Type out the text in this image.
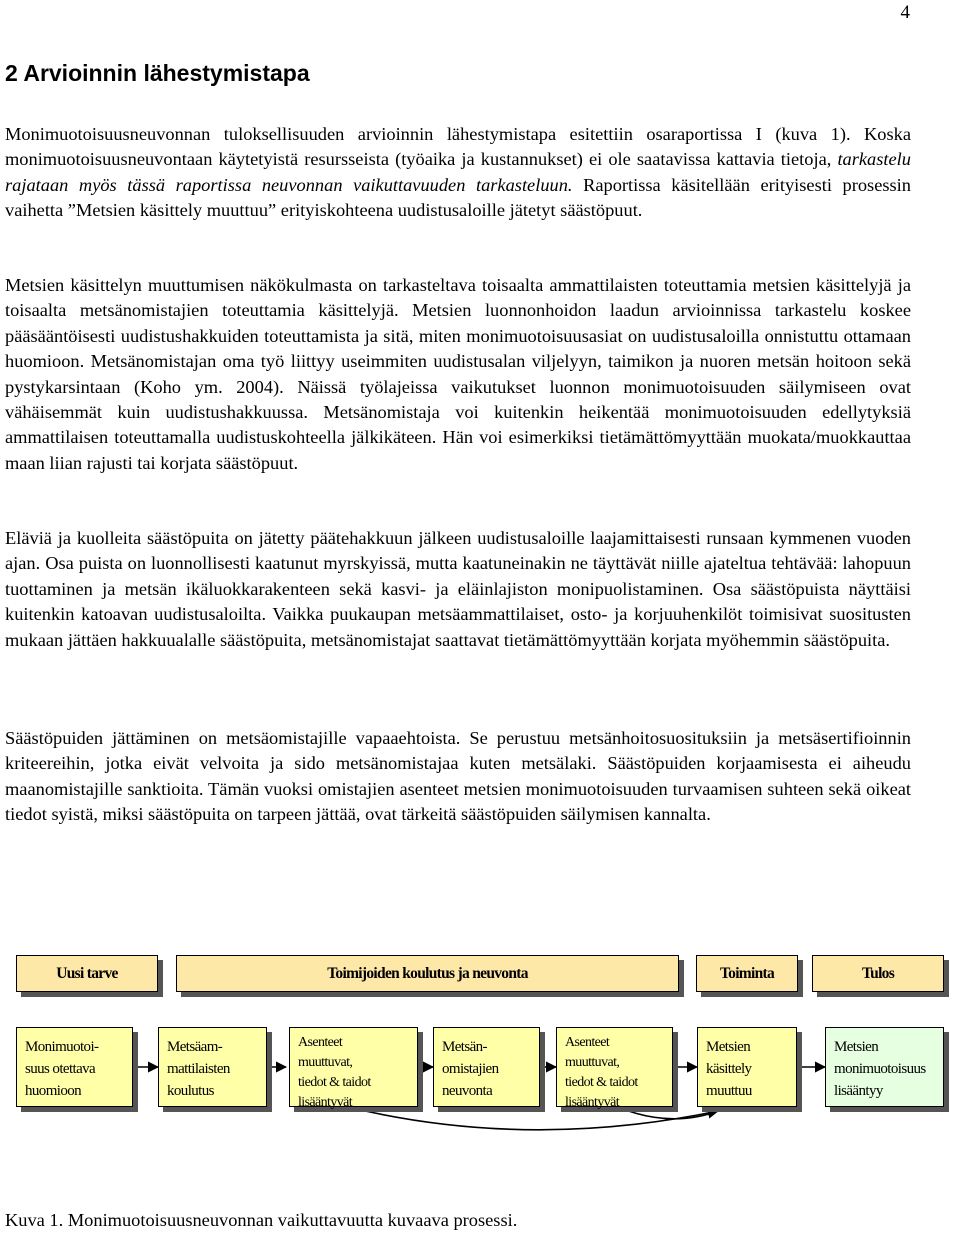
4
2 Arvioinnin lähestymistapa
Monimuotoisuusneuvonnan tuloksellisuuden arvioinnin lähestymistapa esitettiin osaraportissa I (kuva 1). Koska monimuotoisuusneuvontaan käytetyistä resursseista (työaika ja kustannukset) ei ole saatavissa kattavia tietoja, tarkastelu rajataan myös tässä raportissa neuvonnan vaikuttavuuden tarkasteluun. Raportissa käsitellään erityisesti prosessin vaihetta ”Metsien käsittely muuttuu” erityiskohteena uudistusaloille jätetyt säästöpuut.
Metsien käsittelyn muuttumisen näkökulmasta on tarkasteltava toisaalta ammattilaisten toteuttamia metsien käsittelyjä ja toisaalta metsänomistajien toteuttamia käsittelyjä. Metsien luonnonhoidon laadun arvioinnissa tarkastelu koskee pääsääntöisesti uudistushakkuiden toteuttamista ja sitä, miten monimuotoisuusasiat on uudistusaloilla onnistuttu ottamaan huomioon. Metsänomistajan oma työ liittyy useimmiten uudistusalan viljelyyn, taimikon ja nuoren metsän hoitoon sekä pystykarsintaan (Koho ym. 2004). Näissä työlajeissa vaikutukset luonnon monimuotoisuuden säilymiseen ovat vähäisemmät kuin uudistushakkuussa. Metsänomistaja voi kuitenkin heikentää monimuotoisuuden edellytyksiä ammattilaisen toteuttamalla uudistuskohteella jälkikäteen. Hän voi esimerkiksi tietämättömyyttään muokata/muokkauttaa maan liian rajusti tai korjata säästöpuut.
Eläviä ja kuolleita säästöpuita on jätetty päätehakkuun jälkeen uudistusaloille laajamittaisesti runsaan kymmenen vuoden ajan. Osa puista on luonnollisesti kaatunut myrskyissä, mutta kaatuneinakin ne täyttävät niille ajateltua tehtävää: lahopuun tuottaminen ja metsän ikäluokkarakenteen sekä kasvi- ja eläinlajiston monipuolistaminen. Osa säästöpuista näyttäisi kuitenkin katoavan uudistusaloilta. Vaikka puukaupan metsäammattilaiset, osto- ja korjuuhenkilöt toimisivat suositusten mukaan jättäen hakkuualalle säästöpuita, metsänomistajat saattavat tietämättömyyttään korjata myöhemmin säästöpuita.
Säästöpuiden jättäminen on metsäomistajille vapaaehtoista. Se perustuu metsänhoitosuosituksiin ja metsäsertifioinnin kriteereihin, jotka eivät velvoita ja sido metsänomistajaa kuten metsälaki. Säästöpuiden korjaamisesta ei aiheudu maanomistajille sanktioita. Tämän vuoksi omistajien asenteet metsien monimuotoisuuden turvaamisen suhteen sekä oikeat tiedot syistä, miksi säästöpuita on tarpeen jättää, ovat tärkeitä säästöpuiden säilymisen kannalta.
Uusi tarve	Toimijoiden koulutus ja neuvonta	Toiminta	Tulos
Monimuotoi-
suus otettava
huomioon
Metsäam-
mattilaisten
koulutus
Asenteet
muuttuvat,
tiedot & taidot
lisääntyvät
Metsän-
omistajien
neuvonta
Asenteet
muuttuvat,
tiedot & taidot
lisääntyvät
Metsien
käsittely
muuttuu
Metsien
monimuotoisuus
lisääntyy
Kuva 1. Monimuotoisuusneuvonnan vaikuttavuutta kuvaava prosessi.
